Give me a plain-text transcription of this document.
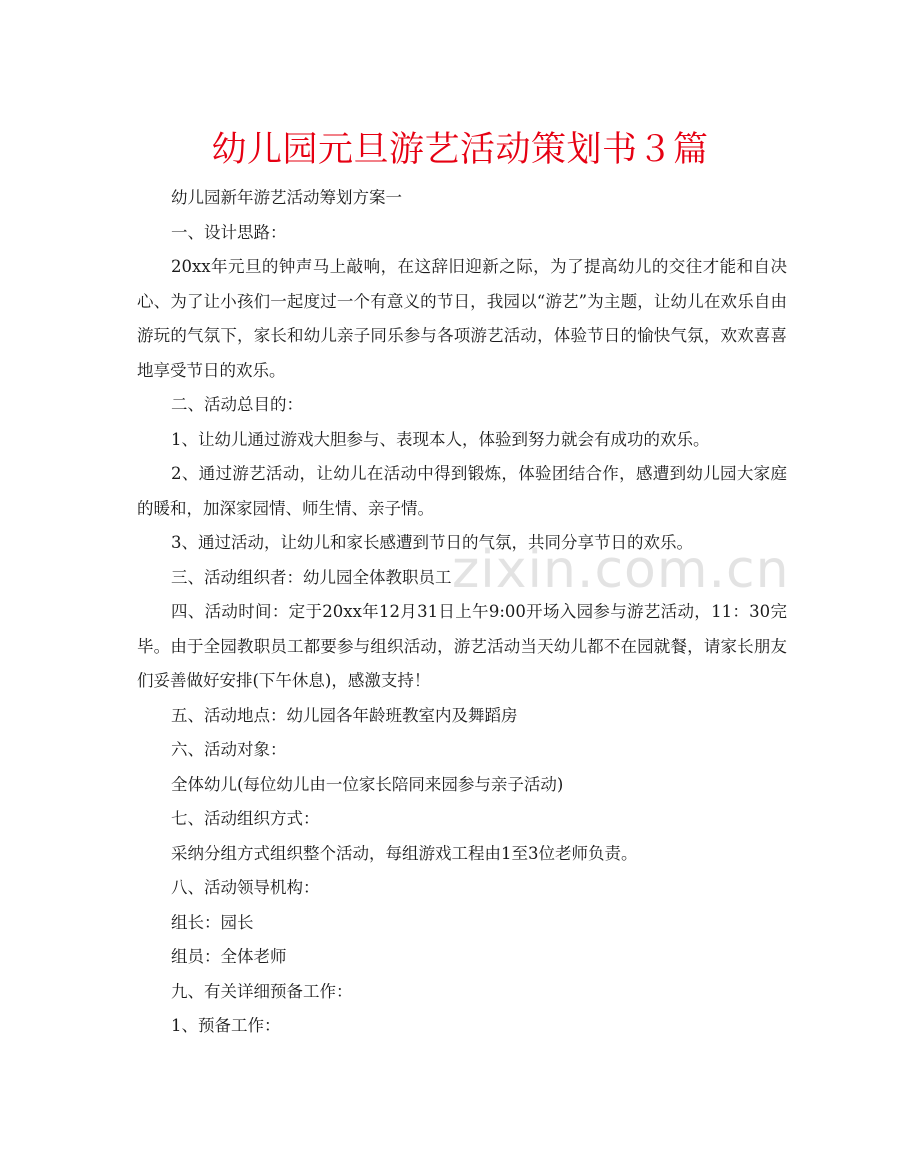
幼儿园元旦游艺活动策划书３篇
zixin.com.cn

幼儿园新年游艺活动筹划方案一

一、设计思路：

20xx年元旦的钟声马上敲响，在这辞旧迎新之际，为了提高幼儿的交往才能和自决心、为了让小孩们一起度过一个有意义的节日，我园以“游艺”为主题，让幼儿在欢乐自由游玩的气氛下，家长和幼儿亲子同乐参与各项游艺活动，体验节日的愉快气氛，欢欢喜喜地享受节日的欢乐。

二、活动总目的：

1、让幼儿通过游戏大胆参与、表现本人，体验到努力就会有成功的欢乐。

2、通过游艺活动，让幼儿在活动中得到锻炼，体验团结合作，感遭到幼儿园大家庭的暖和，加深家园情、师生情、亲子情。

3、通过活动，让幼儿和家长感遭到节日的气氛，共同分享节日的欢乐。

三、活动组织者：幼儿园全体教职员工

四、活动时间：定于20xx年12月31日上午9:00开场入园参与游艺活动，11：30完毕。由于全园教职员工都要参与组织活动，游艺活动当天幼儿都不在园就餐，请家长朋友们妥善做好安排(下午休息)，感激支持！

五、活动地点：幼儿园各年龄班教室内及舞蹈房

六、活动对象：

全体幼儿(每位幼儿由一位家长陪同来园参与亲子活动)

七、活动组织方式：

采纳分组方式组织整个活动，每组游戏工程由1至3位老师负责。

八、活动领导机构：

组长：园长

组员：全体老师

九、有关详细预备工作：

1、预备工作：
